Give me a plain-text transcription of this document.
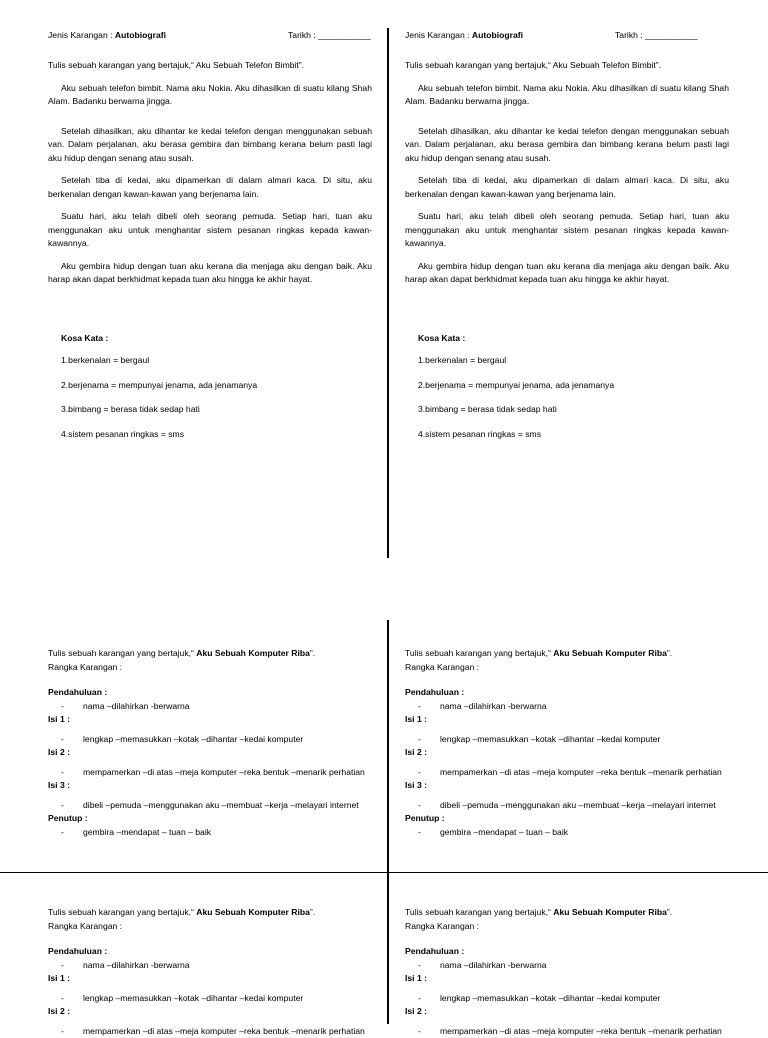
Jenis Karangan : Autobiografi	Tarikh : ___________

Tulis sebuah karangan yang bertajuk,“ Aku Sebuah Telefon Bimbit”.

Aku sebuah telefon bimbit. Nama aku Nokia. Aku dihasilkan di suatu kilang Shah Alam. Badanku berwarna jingga.

Setelah dihasilkan, aku dihantar ke kedai telefon dengan menggunakan sebuah van. Dalam perjalanan, aku berasa gembira dan bimbang kerana belum pasti lagi aku hidup dengan senang atau susah.

Setelah tiba di kedai, aku dipamerkan di dalam almari kaca. Di situ, aku berkenalan dengan kawan-kawan yang berjenama lain.

Suatu hari, aku telah dibeli oleh seorang pemuda. Setiap hari, tuan aku menggunakan aku untuk menghantar sistem pesanan ringkas kepada kawan-kawannya.

Aku gembira hidup dengan tuan aku kerana dia menjaga aku dengan baik. Aku harap akan dapat berkhidmat kepada tuan aku hingga ke akhir hayat.

Kosa Kata :
1.berkenalan = bergaul
2.berjenama = mempunyai jenama, ada jenamanya
3.bimbang = berasa tidak sedap hati
4.sistem pesanan ringkas = sms
Jenis Karangan : Autobiografi	Tarikh : ___________

Tulis sebuah karangan yang bertajuk,“ Aku Sebuah Telefon Bimbit”.

Aku sebuah telefon bimbit. Nama aku Nokia. Aku dihasilkan di suatu kilang Shah Alam. Badanku berwarna jingga.

Setelah dihasilkan, aku dihantar ke kedai telefon dengan menggunakan sebuah van. Dalam perjalanan, aku berasa gembira dan bimbang kerana belum pasti lagi aku hidup dengan senang atau susah.

Setelah tiba di kedai, aku dipamerkan di dalam almari kaca. Di situ, aku berkenalan dengan kawan-kawan yang berjenama lain.

Suatu hari, aku telah dibeli oleh seorang pemuda. Setiap hari, tuan aku menggunakan aku untuk menghantar sistem pesanan ringkas kepada kawan-kawannya.

Aku gembira hidup dengan tuan aku kerana dia menjaga aku dengan baik. Aku harap akan dapat berkhidmat kepada tuan aku hingga ke akhir hayat.

Kosa Kata :
1.berkenalan = bergaul
2.berjenama = mempunyai jenama, ada jenamanya
3.bimbang = berasa tidak sedap hati
4.sistem pesanan ringkas = sms

Tulis sebuah karangan yang bertajuk,“ Aku Sebuah Komputer Riba”.

Rangka Karangan :

Pendahuluan :

- nama –dilahirkan -berwarna

Isi 1 :

- lengkap –memasukkan –kotak –dihantar –kedai komputer

Isi 2 :

- mempamerkan –di atas –meja komputer –reka bentuk –menarik perhatian

Isi 3 :

- dibeli –pemuda –menggunakan aku –membuat –kerja –melayari internet

Penutup :

- gembira –mendapat – tuan – baik

Tulis sebuah karangan yang bertajuk,“ Aku Sebuah Komputer Riba”.

Rangka Karangan :

Pendahuluan :

- nama –dilahirkan -berwarna

Isi 1 :

- lengkap –memasukkan –kotak –dihantar –kedai komputer

Isi 2 :

- mempamerkan –di atas –meja komputer –reka bentuk –menarik perhatian

Isi 3 :

- dibeli –pemuda –menggunakan aku –membuat –kerja –melayari internet

Penutup :

- gembira –mendapat – tuan – baik

Tulis sebuah karangan yang bertajuk,“ Aku Sebuah Komputer Riba”.

Rangka Karangan :

Pendahuluan :

- nama –dilahirkan -berwarna

Isi 1 :

- lengkap –memasukkan –kotak –dihantar –kedai komputer

Isi 2 :

- mempamerkan –di atas –meja komputer –reka bentuk –menarik perhatian

Tulis sebuah karangan yang bertajuk,“ Aku Sebuah Komputer Riba”.

Rangka Karangan :

Pendahuluan :

- nama –dilahirkan -berwarna

Isi 1 :

- lengkap –memasukkan –kotak –dihantar –kedai komputer

Isi 2 :

- mempamerkan –di atas –meja komputer –reka bentuk –menarik perhatian
